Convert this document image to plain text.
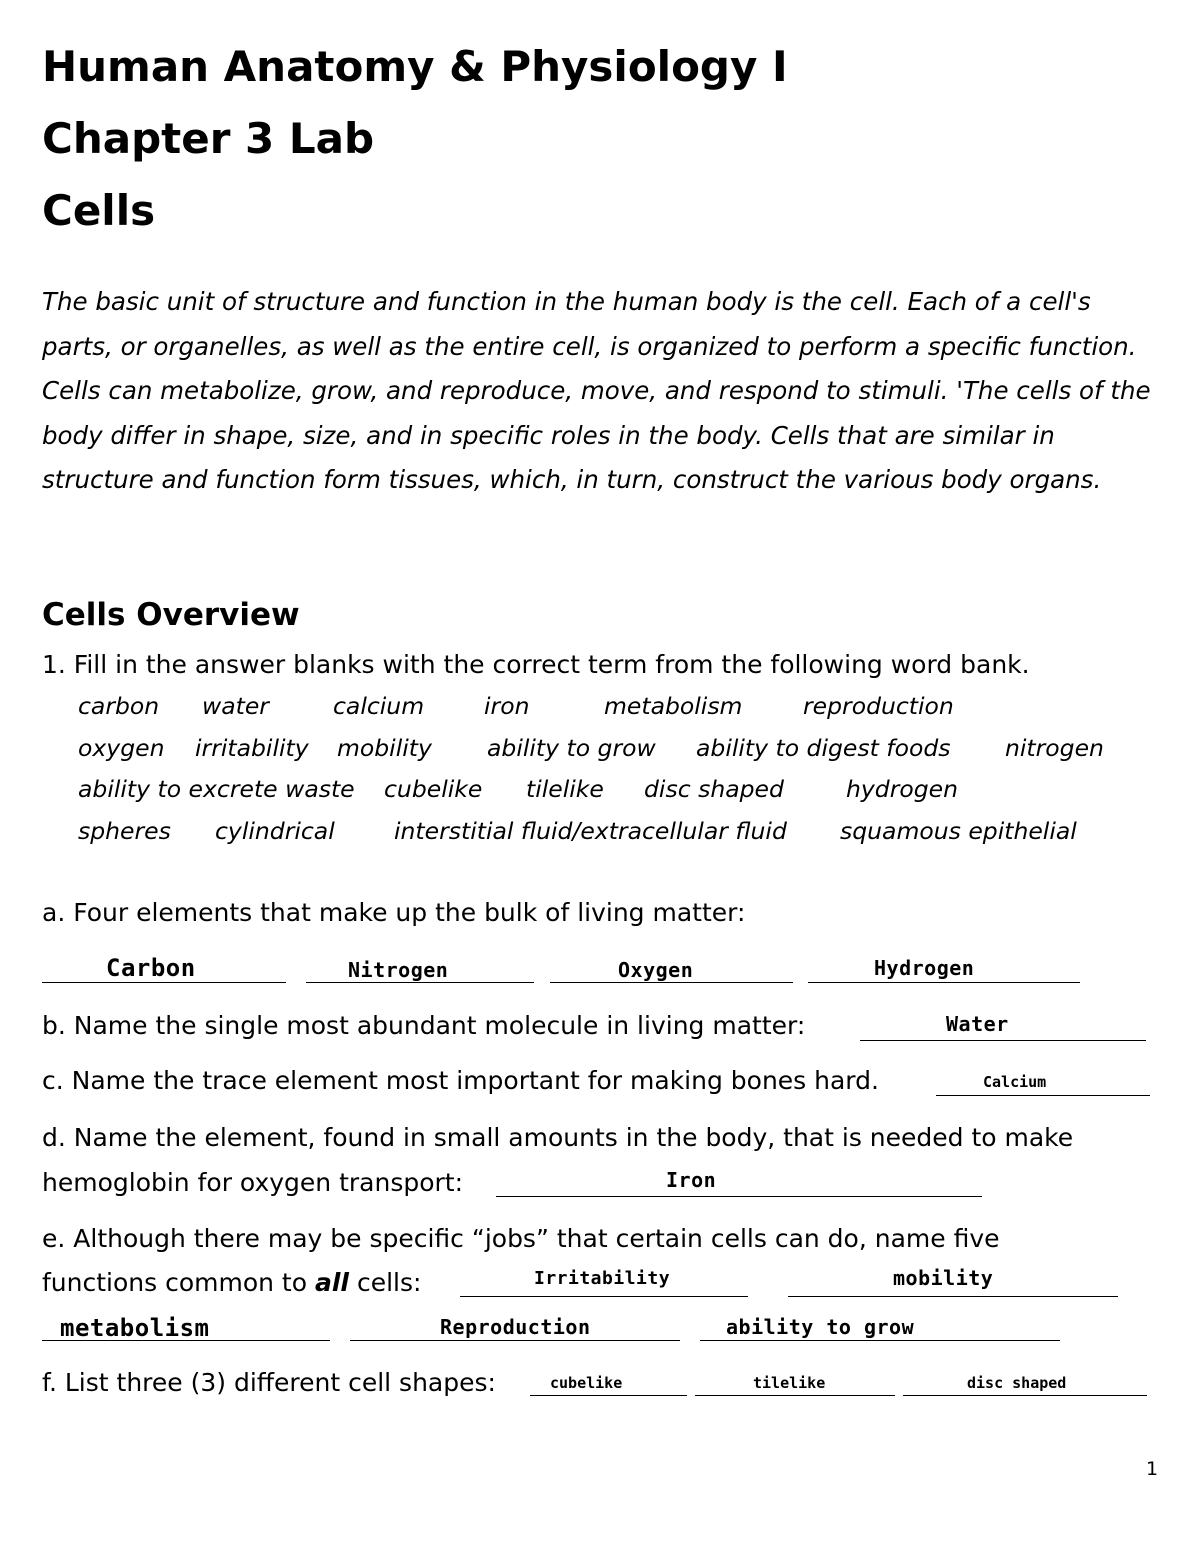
Human Anatomy & Physiology I
Chapter 3 Lab
Cells

The basic unit of structure and function in the human body is the cell. Each of a cell's parts, or organelles, as well as the entire cell, is organized to perform a specific function. Cells can metabolize, grow, and reproduce, move, and respond to stimuli. 'The cells of the body differ in shape, size, and in specific roles in the body. Cells that are similar in structure and function form tissues, which, in turn, construct the various body organs.

Cells Overview
1. Fill in the answer blanks with the correct term from the following word bank.
carbon water	calcium	iron	metabolism	reproduction
oxygen irritability mobility ability to grow ability to digest foods nitrogen
ability to excrete waste cubelike tilelike disc shaped	hydrogen
spheres cylindrical	interstitial fluid/extracellular fluid squamous epithelial
a. Four elements that make up the bulk of living matter:
Carbon	Nitrogen	Oxygen	Hydrogen
b. Name the single most abundant molecule in living matter:	Water
c. Name the trace element most important for making bones hard.	Calcium
d. Name the element, found in small amounts in the body, that is needed to make
hemoglobin for oxygen transport:	Iron
e. Although there may be specific “jobs” that certain cells can do, name five
functions common to all cells:	Irritability	mobility
metabolism	Reproduction	ability to grow
f. List three (3) different cell shapes:	cubelike	tilelike	disc shaped
1
